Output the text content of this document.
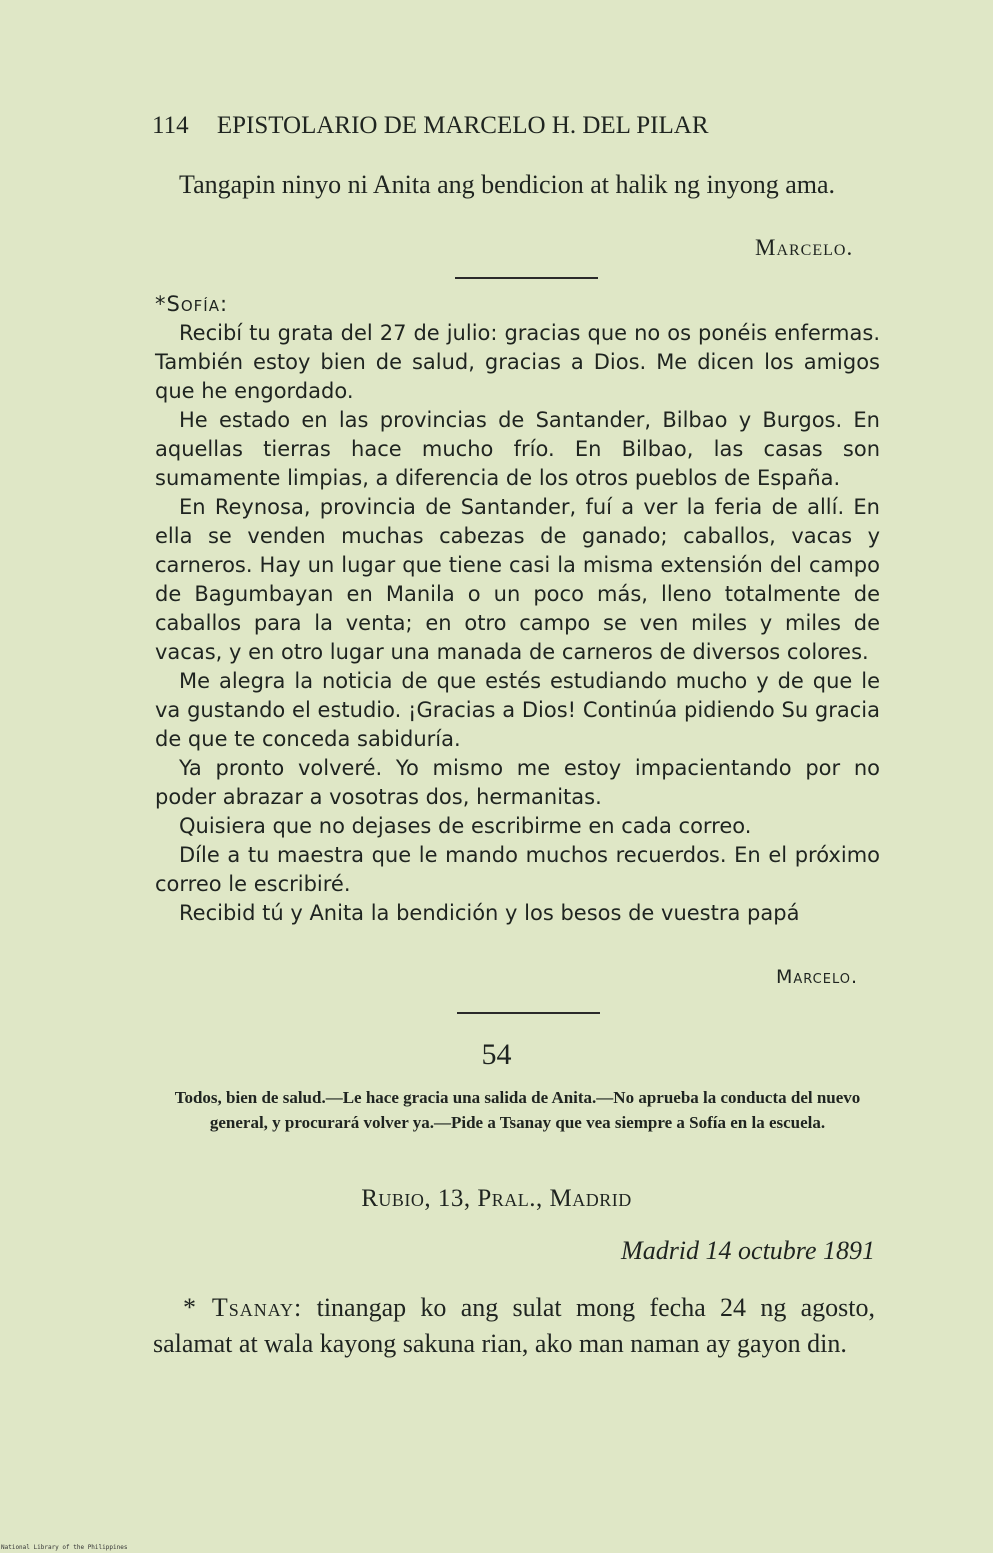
114 EPISTOLARIO DE MARCELO H. DEL PILAR
Tangapin ninyo ni Anita ang bendicion at halik ng inyong ama.
Marcelo.
*Sofía:

Recibí tu grata del 27 de julio: gracias que no os ponéis enfermas. También estoy bien de salud, gracias a Dios. Me dicen los amigos que he engordado.

He estado en las provincias de Santander, Bilbao y Burgos. En aquellas tierras hace mucho frío. En Bilbao, las casas son sumamente limpias, a diferencia de los otros pueblos de España.

En Reynosa, provincia de Santander, fuí a ver la feria de allí. En ella se venden muchas cabezas de ganado; caballos, vacas y carneros. Hay un lugar que tiene casi la misma extensión del campo de Bagumbayan en Manila o un poco más, lleno totalmente de caballos para la venta; en otro campo se ven miles y miles de vacas, y en otro lugar una manada de carneros de diversos colores.

Me alegra la noticia de que estés estudiando mucho y de que le va gustando el estudio. ¡Gracias a Dios! Continúa pidiendo Su gracia de que te conceda sabiduría.

Ya pronto volveré. Yo mismo me estoy impacientando por no poder abrazar a vosotras dos, hermanitas.

Quisiera que no dejases de escribirme en cada correo.

Díle a tu maestra que le mando muchos recuerdos. En el próximo correo le escribiré.

Recibid tú y Anita la bendición y los besos de vuestra papá

Marcelo.
54
Todos, bien de salud.—Le hace gracia una salida de Anita.—No aprueba la conducta del nuevo general, y procurará volver ya.—Pide a Tsanay que vea siempre a Sofía en la escuela.
Rubio, 13, Pral., Madrid
Madrid 14 octubre 1891
* Tsanay: tinangap ko ang sulat mong fecha 24 ng agosto, salamat at wala kayong sakuna rian, ako man naman ay gayon din.
National Library of the Philippines
